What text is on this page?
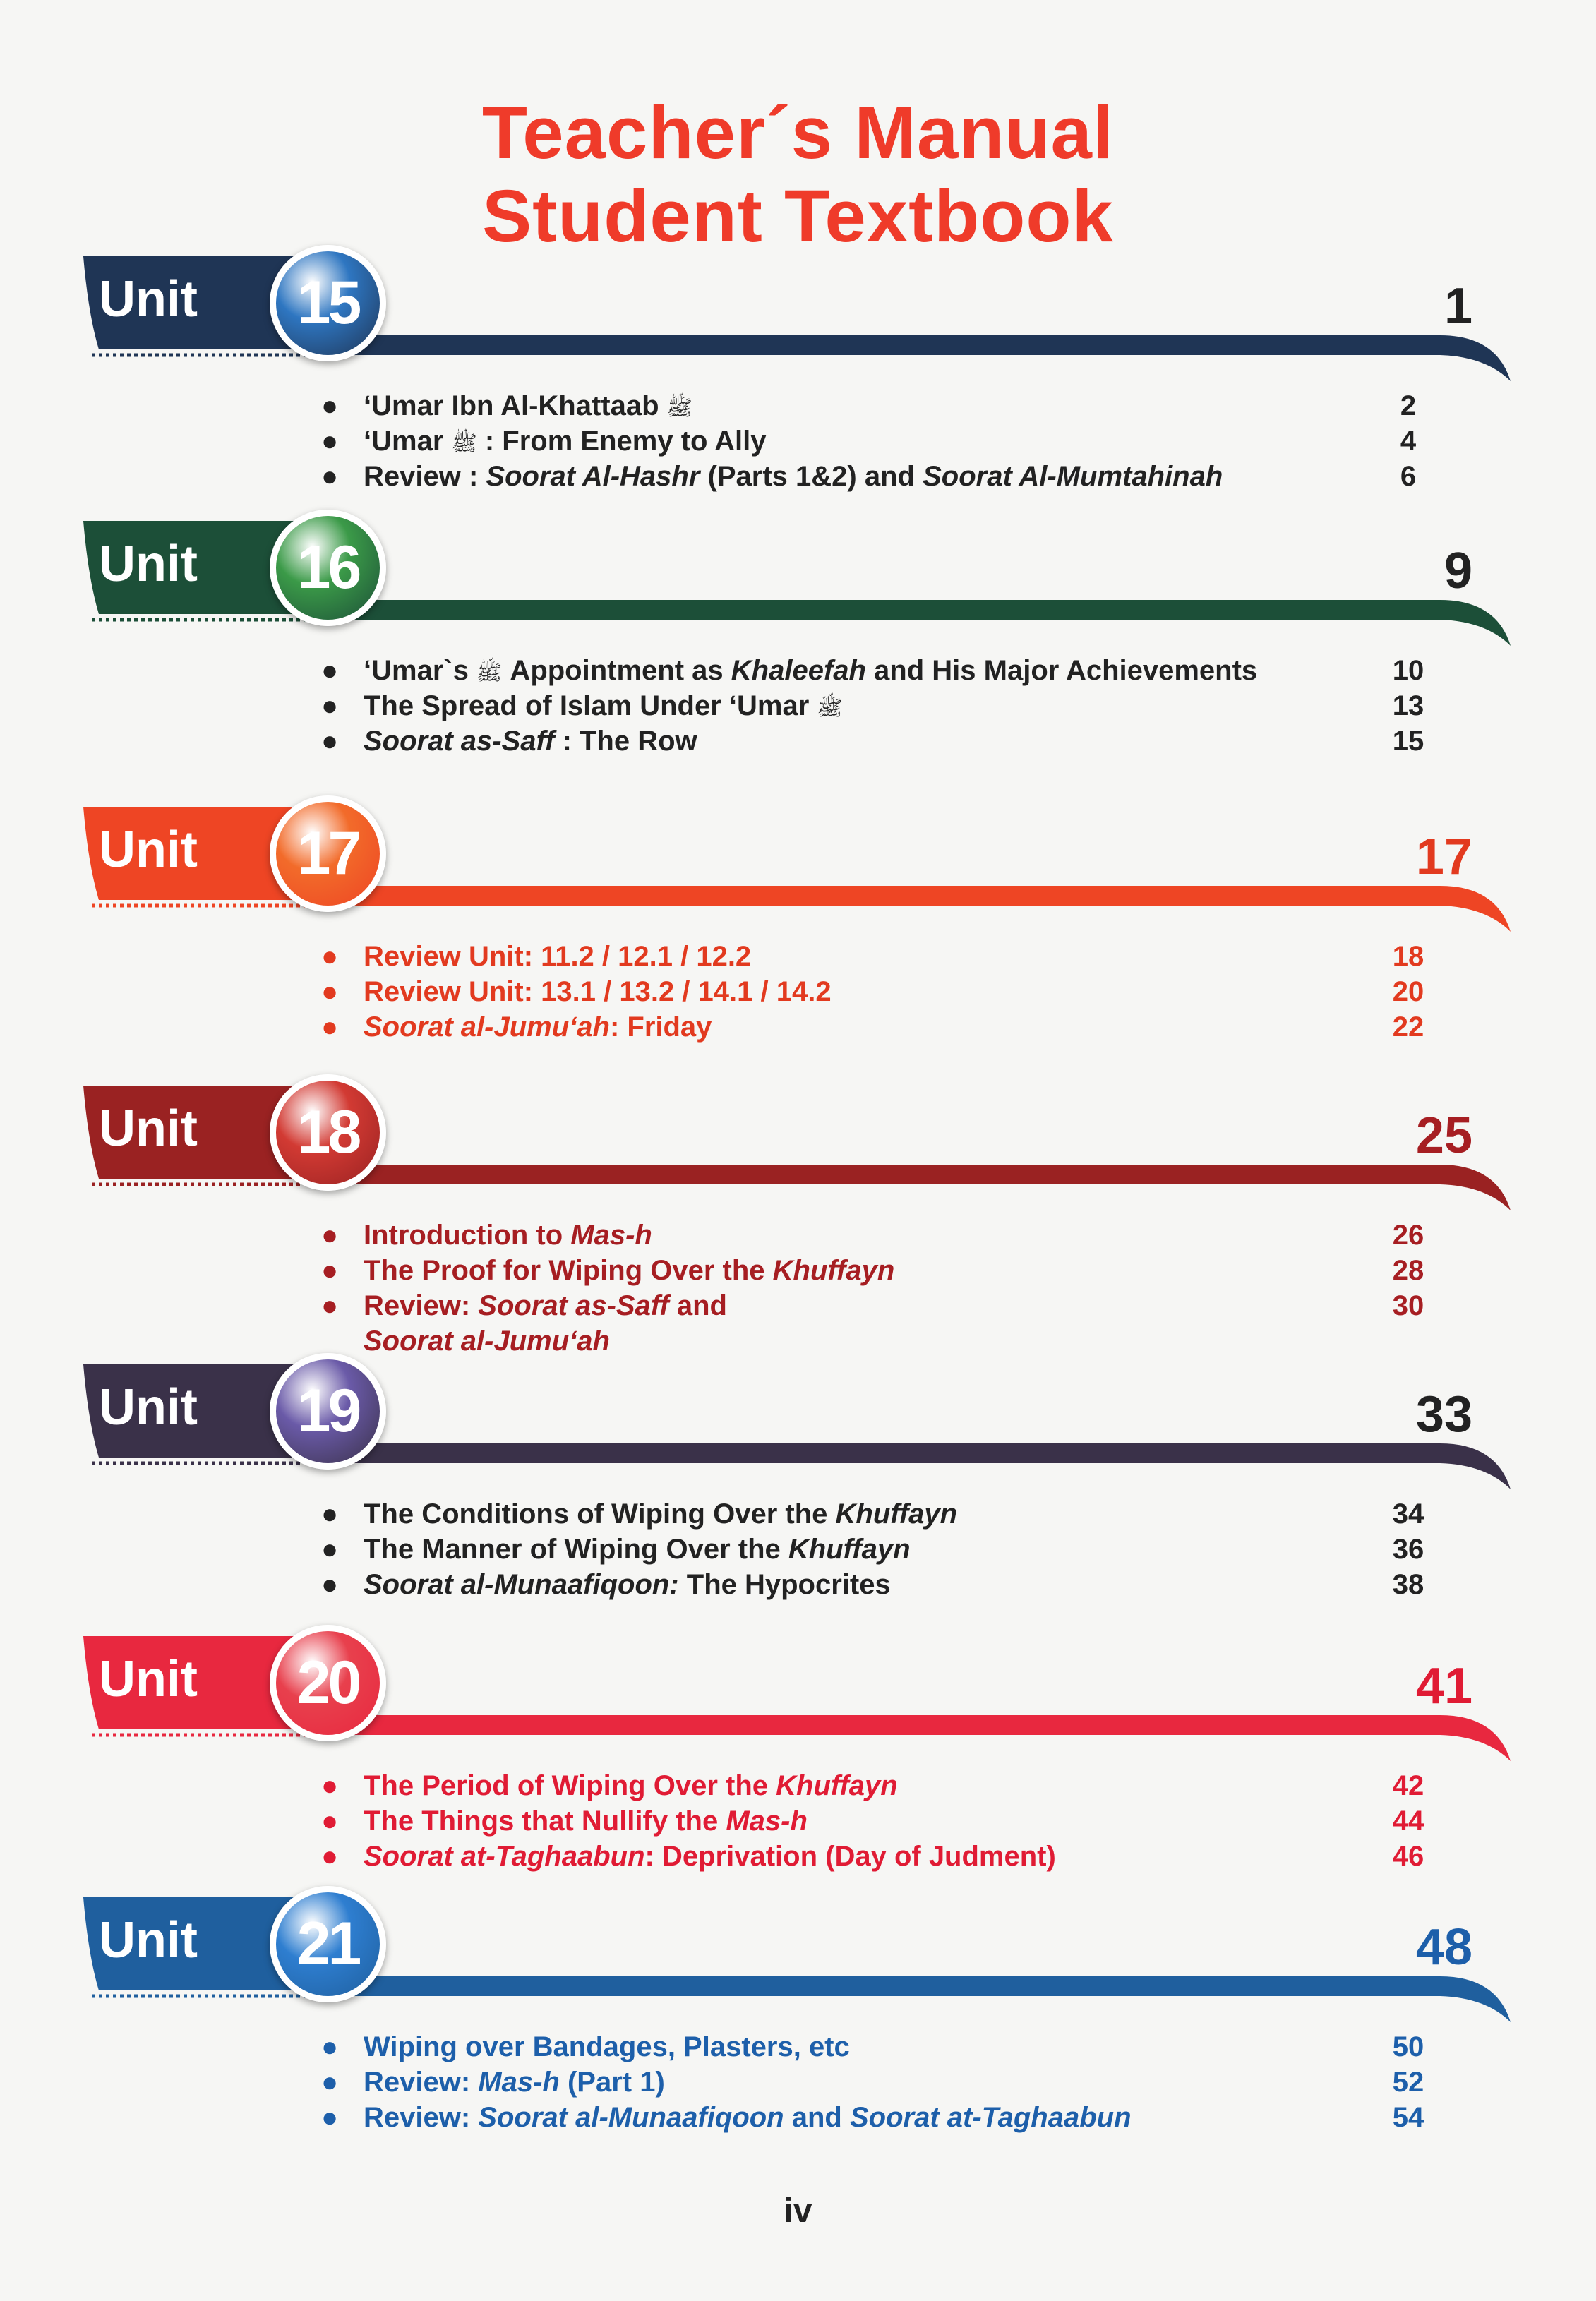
Teacher´s Manual
Student Textbook
Unit	15	1
● ‘Umar Ibn Al-Khattaab ﷺ	2
● ‘Umar ﷺ : From Enemy to Ally	4
● Review : Soorat Al-Hashr (Parts 1&2) and Soorat Al-Mumtahinah	6
Unit	16	9
● ‘Umar`s ﷺ Appointment as Khaleefah and His Major Achievements	10
● The Spread of Islam Under ‘Umar ﷺ	13
● Soorat as-Saff : The Row	15
Unit	17	17
● Review Unit: 11.2 / 12.1 / 12.2	18
● Review Unit: 13.1 / 13.2 / 14.1 / 14.2	20
● Soorat al-Jumu‘ah: Friday	22
Unit	18	25
● Introduction to Mas-h	26
● The Proof for Wiping Over the Khuffayn	28
● Review: Soorat as-Saff and	30
Soorat al-Jumu‘ah
Unit	19	33
● The Conditions of Wiping Over the Khuffayn	34
● The Manner of Wiping Over the Khuffayn	36
● Soorat al-Munaafiqoon: The Hypocrites	38
Unit	20	41
● The Period of Wiping Over the Khuffayn	42
● The Things that Nullify the Mas-h	44
● Soorat at-Taghaabun: Deprivation (Day of Judment)	46
Unit	21	48
● Wiping over Bandages, Plasters, etc	50
● Review: Mas-h (Part 1)	52
● Review: Soorat al-Munaafiqoon and Soorat at-Taghaabun	54
iv
